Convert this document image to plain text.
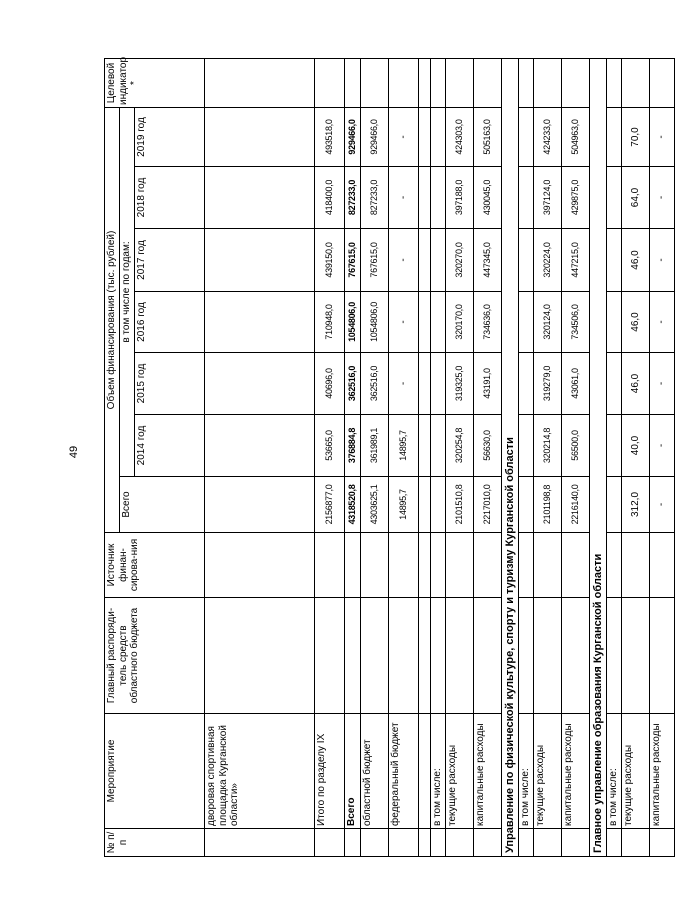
49
№ п/п	Мероприятие	Главный распоряди-тель средств областного бюджета	Источник финан-сирова-ния	Объем финансирования (тыс. рублей)							Целевой индикатор *
				Всего	в том числе по годам:						
					2014 год	2015 год	2016 год	2017 год	2018 год	2019 год	
	дворовая спортивная площадка Курганской области»										
	Итого по разделу IX			2156877,0	53665,0	40696,0	710948,0	439150,0	418400,0	493518,0	
	Всего			4318520,8	376884,8	362516,0	1054806,0	767615,0	827233,0	929466,0	
	областной бюджет			4303625,1	361989,1	362516,0	1054806,0	767615,0	827233,0	929466,0	
	федеральный бюджет			14895,7	14895,7	-	-	-	-	-	

	в том числе:										
	текущие расходы			2101510,8	320254,8	319325,0	320170,0	320270,0	397188,0	424303,0	
	капитальные расходы			2217010,0	56630,0	43191,0	734636,0	447345,0	430045,0	505163,0	
Управление по физической культуре, спорту и туризму Курганской области											
	в том числе:										
	текущие расходы			2101198,8	320214,8	319279,0	320124,0	320224,0	397124,0	424233,0	
	капитальные расходы			2216140,0	56500,0	43061,0	734506,0	447215,0	429875,0	504963,0	
Главное управление образования Курганской области											
	в том числе:										
	текущие расходы			312,0	40,0	46,0	46,0	46,0	64,0	70,0	
	капитальные расходы			-	-	-	-	-	-	-	
